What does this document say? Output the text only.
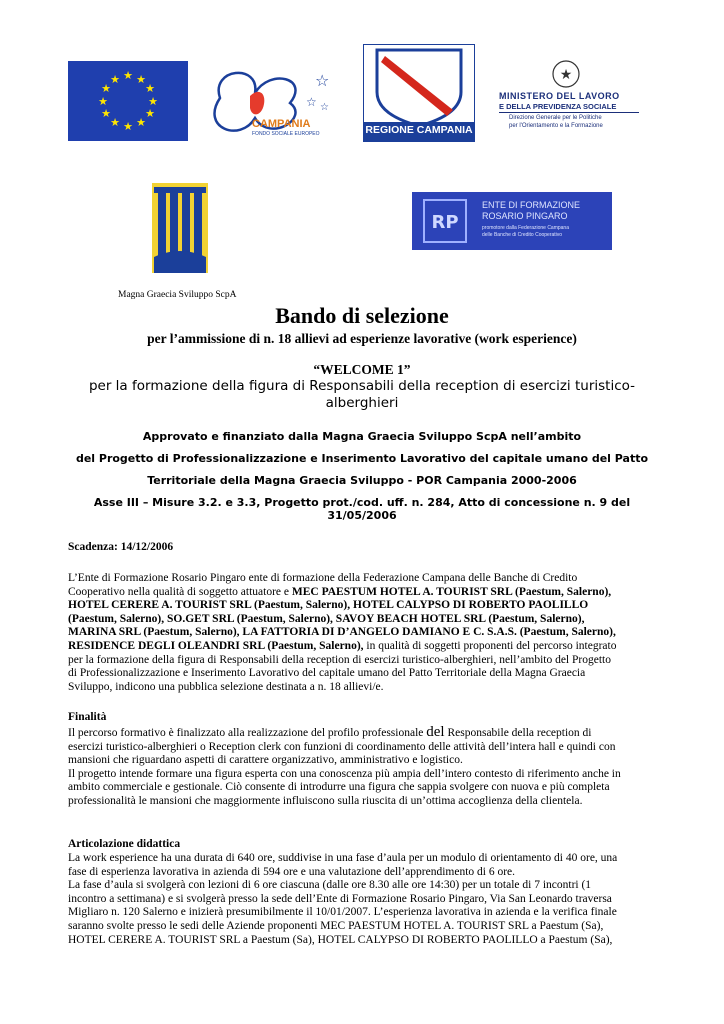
★ ★
★
★
★
★
★
★
★
★
★
★	☆
☆ ☆
CAMPANIA
FONDO SOCIALE EUROPEO	REGIONE CAMPANIA
★
MINISTERO DEL LAVORO
E DELLA PREVIDENZA SOCIALE
Direzione Generale per le Politiche
per l'Orientamento e la Formazione
RP
ENTE DI FORMAZIONE
ROSARIO PINGARO
promotore dalla Federazione Campana
delle Banche di Credito Cooperativo
Magna Graecia Sviluppo ScpA
Bando di selezione
per l’ammissione di n. 18 allievi ad esperienze lavorative (work esperience)
“WELCOME 1”
per la formazione della figura di Responsabili della reception di esercizi turistico-
alberghieri
Approvato e finanziato dalla Magna Graecia Sviluppo ScpA nell’ambito
del Progetto di Professionalizzazione e Inserimento Lavorativo del capitale umano del Patto
Territoriale della Magna Graecia Sviluppo - POR Campania 2000-2006
Asse III – Misure 3.2. e 3.3, Progetto prot./cod. uff. n. 284, Atto di concessione n. 9 del 31/05/2006
Scadenza: 14/12/2006
L’Ente di Formazione Rosario Pingaro ente di formazione della Federazione Campana delle Banche di Credito
Cooperativo nella qualità di soggetto attuatore e MEC PAESTUM HOTEL A. TOURIST SRL (Paestum, Salerno),
HOTEL CERERE A. TOURIST SRL (Paestum, Salerno), HOTEL CALYPSO DI ROBERTO PAOLILLO
(Paestum, Salerno), SO.GET SRL (Paestum, Salerno), SAVOY BEACH HOTEL SRL (Paestum, Salerno),
MARINA SRL (Paestum, Salerno), LA FATTORIA DI D’ANGELO DAMIANO E C. S.A.S. (Paestum, Salerno),
RESIDENCE DEGLI OLEANDRI SRL (Paestum, Salerno), in qualità di soggetti proponenti del percorso integrato
per la formazione della figura di Responsabili della reception di esercizi turistico-alberghieri, nell’ambito del Progetto
di Professionalizzazione e Inserimento Lavorativo del capitale umano del Patto Territoriale della Magna Graecia
Sviluppo, indicono una pubblica selezione destinata a n. 18 allievi/e.
Finalità
Il percorso formativo è finalizzato alla realizzazione del profilo professionale del Responsabile della reception di
esercizi turistico-alberghieri o Reception clerk con funzioni di coordinamento delle attività dell’intera hall e quindi con
mansioni che riguardano aspetti di carattere organizzativo, amministrativo e logistico.
Il progetto intende formare una figura esperta con una conoscenza più ampia dell’intero contesto di riferimento anche in
ambito commerciale e gestionale. Ciò consente di introdurre una figura che sappia svolgere con nuova e più completa
professionalità le mansioni che maggiormente influiscono sulla riuscita di un’ottima accoglienza della clientela.
Articolazione didattica
La work esperience ha una durata di 640 ore, suddivise in una fase d’aula per un modulo di orientamento di 40 ore, una
fase di esperienza lavorativa in azienda di 594 ore e una valutazione dell’apprendimento di 6 ore.
La fase d’aula si svolgerà con lezioni di 6 ore ciascuna (dalle ore 8.30 alle ore 14:30) per un totale di 7 incontri (1
incontro a settimana) e si svolgerà presso la sede dell’Ente di Formazione Rosario Pingaro, Via San Leonardo traversa
Migliaro n. 120 Salerno e inizierà presumibilmente il 10/01/2007. L’esperienza lavorativa in azienda e la verifica finale
saranno svolte presso le sedi delle Aziende proponenti MEC PAESTUM HOTEL A. TOURIST SRL a Paestum (Sa),
HOTEL CERERE A. TOURIST SRL a Paestum (Sa), HOTEL CALYPSO DI ROBERTO PAOLILLO a Paestum (Sa),
